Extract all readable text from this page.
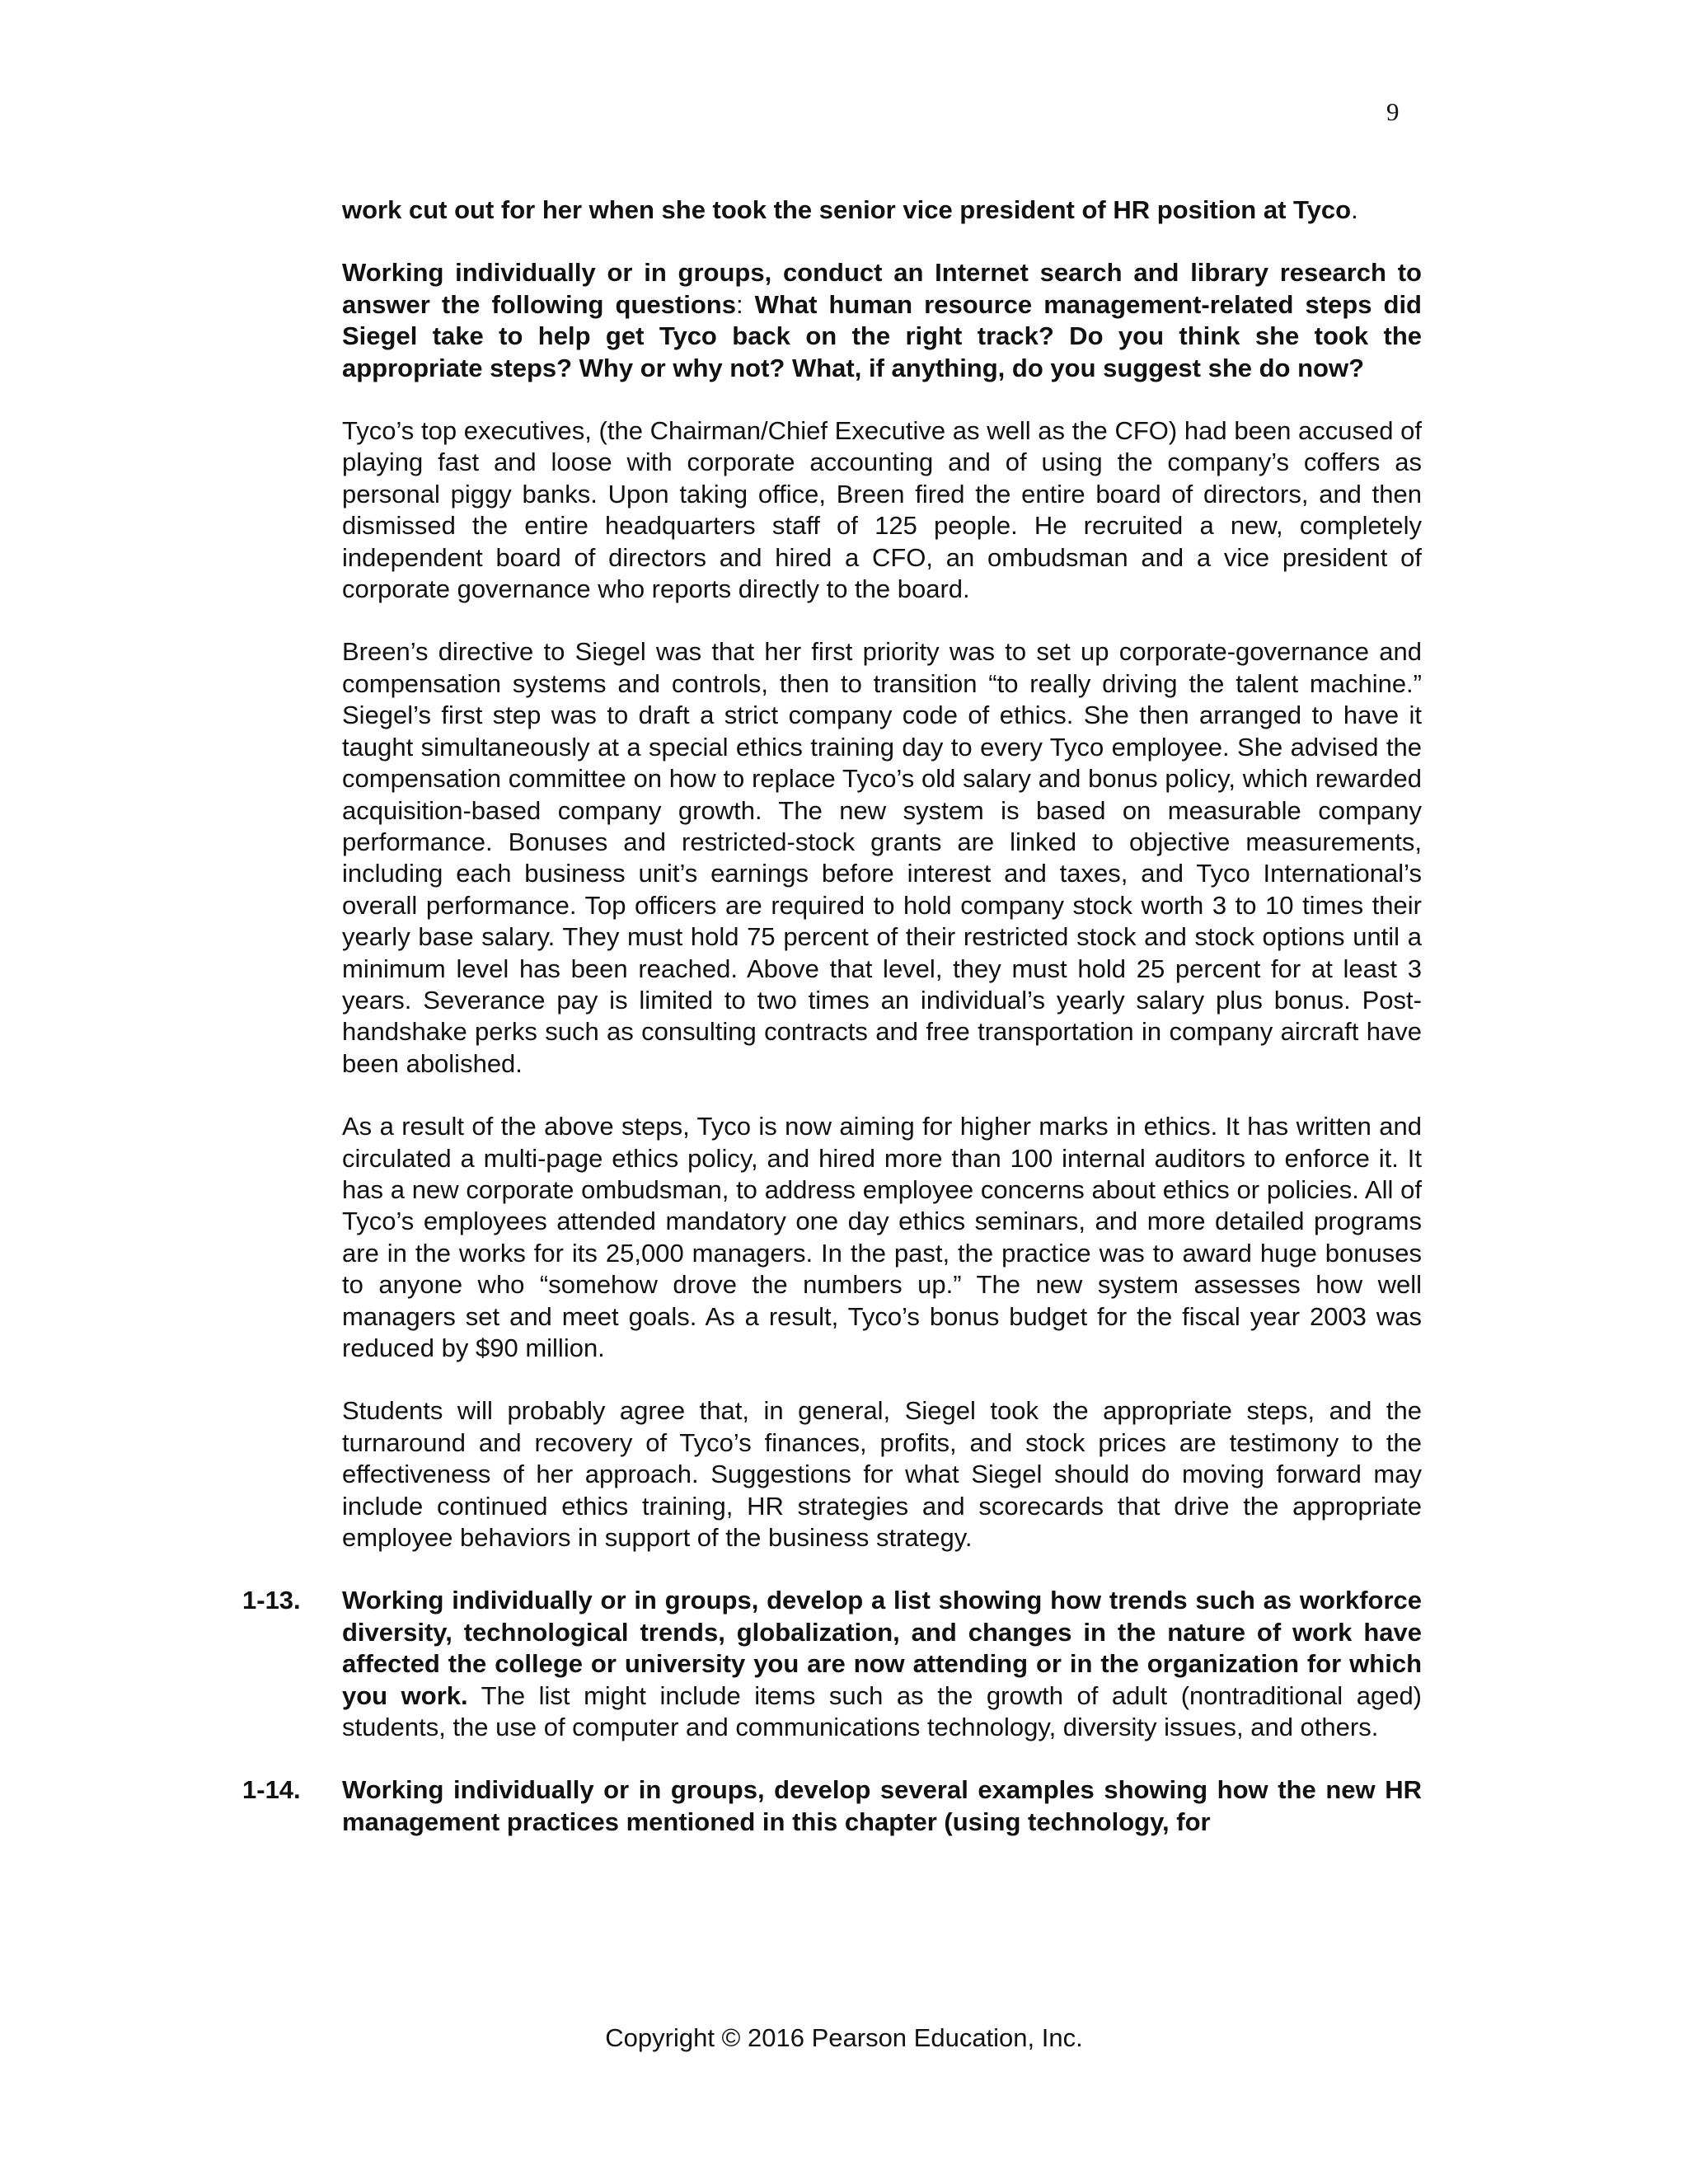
9

work cut out for her when she took the senior vice president of HR position at Tyco.

Working individually or in groups, conduct an Internet search and library research to answer the following questions: What human resource management-related steps did Siegel take to help get Tyco back on the right track? Do you think she took the appropriate steps? Why or why not? What, if anything, do you suggest she do now?

Tyco’s top executives, (the Chairman/Chief Executive as well as the CFO) had been accused of playing fast and loose with corporate accounting and of using the company’s coffers as personal piggy banks. Upon taking office, Breen fired the entire board of directors, and then dismissed the entire headquarters staff of 125 people. He recruited a new, completely independent board of directors and hired a CFO, an ombudsman and a vice president of corporate governance who reports directly to the board.

Breen’s directive to Siegel was that her first priority was to set up corporate-governance and compensation systems and controls, then to transition “to really driving the talent machine.” Siegel’s first step was to draft a strict company code of ethics. She then arranged to have it taught simultaneously at a special ethics training day to every Tyco employee. She advised the compensation committee on how to replace Tyco’s old salary and bonus policy, which rewarded acquisition-based company growth. The new system is based on measurable company performance. Bonuses and restricted-stock grants are linked to objective measurements, including each business unit’s earnings before interest and taxes, and Tyco International’s overall performance. Top officers are required to hold company stock worth 3 to 10 times their yearly base salary. They must hold 75 percent of their restricted stock and stock options until a minimum level has been reached. Above that level, they must hold 25 percent for at least 3 years. Severance pay is limited to two times an individual’s yearly salary plus bonus. Post-handshake perks such as consulting contracts and free transportation in company aircraft have been abolished.

As a result of the above steps, Tyco is now aiming for higher marks in ethics. It has written and circulated a multi-page ethics policy, and hired more than 100 internal auditors to enforce it. It has a new corporate ombudsman, to address employee concerns about ethics or policies. All of Tyco’s employees attended mandatory one day ethics seminars, and more detailed programs are in the works for its 25,000 managers. In the past, the practice was to award huge bonuses to anyone who “somehow drove the numbers up.” The new system assesses how well managers set and meet goals. As a result, Tyco’s bonus budget for the fiscal year 2003 was reduced by $90 million.

Students will probably agree that, in general, Siegel took the appropriate steps, and the turnaround and recovery of Tyco’s finances, profits, and stock prices are testimony to the effectiveness of her approach. Suggestions for what Siegel should do moving forward may include continued ethics training, HR strategies and scorecards that drive the appropriate employee behaviors in support of the business strategy.

1-13. Working individually or in groups, develop a list showing how trends such as workforce diversity, technological trends, globalization, and changes in the nature of work have affected the college or university you are now attending or in the organization for which you work. The list might include items such as the growth of adult (nontraditional aged) students, the use of computer and communications technology, diversity issues, and others.

1-14. Working individually or in groups, develop several examples showing how the new HR management practices mentioned in this chapter (using technology, for

Copyright © 2016 Pearson Education, Inc.
